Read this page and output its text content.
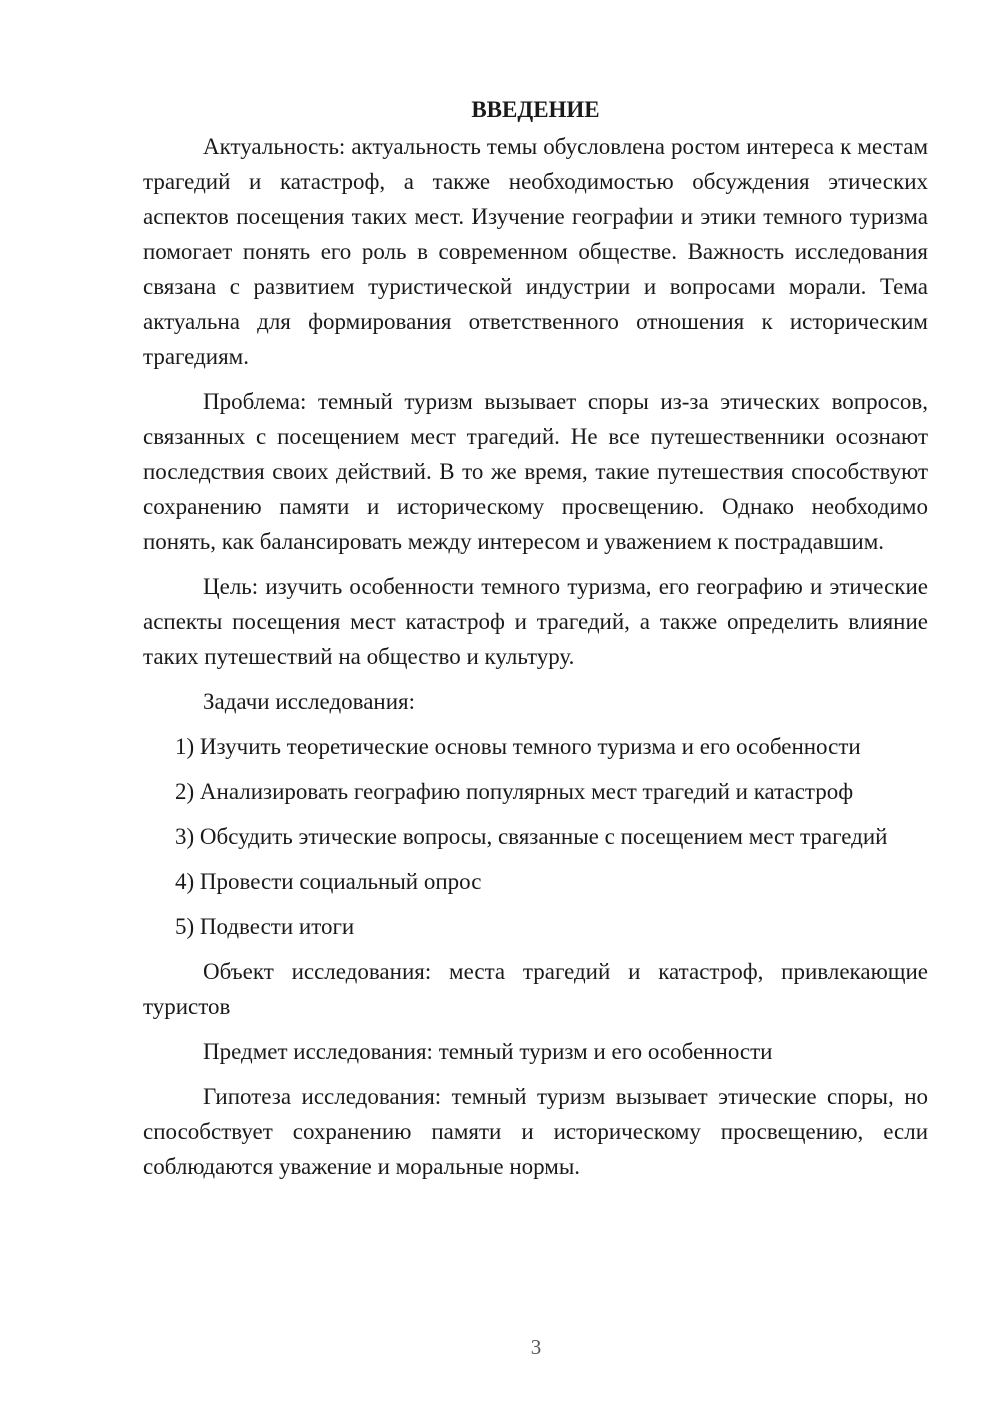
ВВЕДЕНИЕ

Актуальность: актуальность темы обусловлена ростом интереса к местам трагедий и катастроф, а также необходимостью обсуждения этических аспектов посещения таких мест. Изучение географии и этики темного туризма помогает понять его роль в современном обществе. Важность исследования связана с развитием туристической индустрии и вопросами морали. Тема актуальна для формирования ответственного отношения к историческим трагедиям.

Проблема: темный туризм вызывает споры из-за этических вопросов, связанных с посещением мест трагедий. Не все путешественники осознают последствия своих действий. В то же время, такие путешествия способствуют сохранению памяти и историческому просвещению. Однако необходимо понять, как балансировать между интересом и уважением к пострадавшим.

Цель: изучить особенности темного туризма, его географию и этические аспекты посещения мест катастроф и трагедий, а также определить влияние таких путешествий на общество и культуру.

Задачи исследования:

1) Изучить теоретические основы темного туризма и его особенности

2) Анализировать географию популярных мест трагедий и катастроф

3) Обсудить этические вопросы, связанные с посещением мест трагедий

4) Провести социальный опрос

5) Подвести итоги

Объект исследования: места трагедий и катастроф, привлекающие туристов

Предмет исследования: темный туризм и его особенности

Гипотеза исследования: темный туризм вызывает этические споры, но способствует сохранению памяти и историческому просвещению, если соблюдаются уважение и моральные нормы.

3
